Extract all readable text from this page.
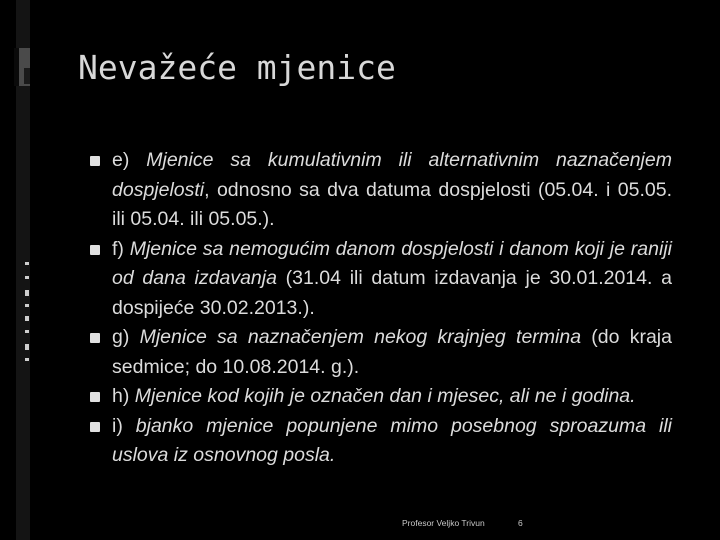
Nevažeće mjenice

e) Mjenice sa kumulativnim ili alternativnim naznačenjem dospjelosti, odnosno sa dva datuma dospjelosti (05.04. i 05.05. ili 05.04. ili 05.05.).

f) Mjenice sa nemogućim danom dospjelosti i danom koji je raniji od dana izdavanja (31.04 ili datum izdavanja je 30.01.2014. a dospijeće 30.02.2013.).

g) Mjenice sa naznačenjem nekog krajnjeg termina (do kraja sedmice; do 10.08.2014. g.).

h) Mjenice kod kojih je označen dan i mjesec, ali ne i godina.

i) bjanko mjenice popunjene mimo posebnog sproazuma ili uslova iz osnovnog posla.

Profesor Veljko Trivun	6
